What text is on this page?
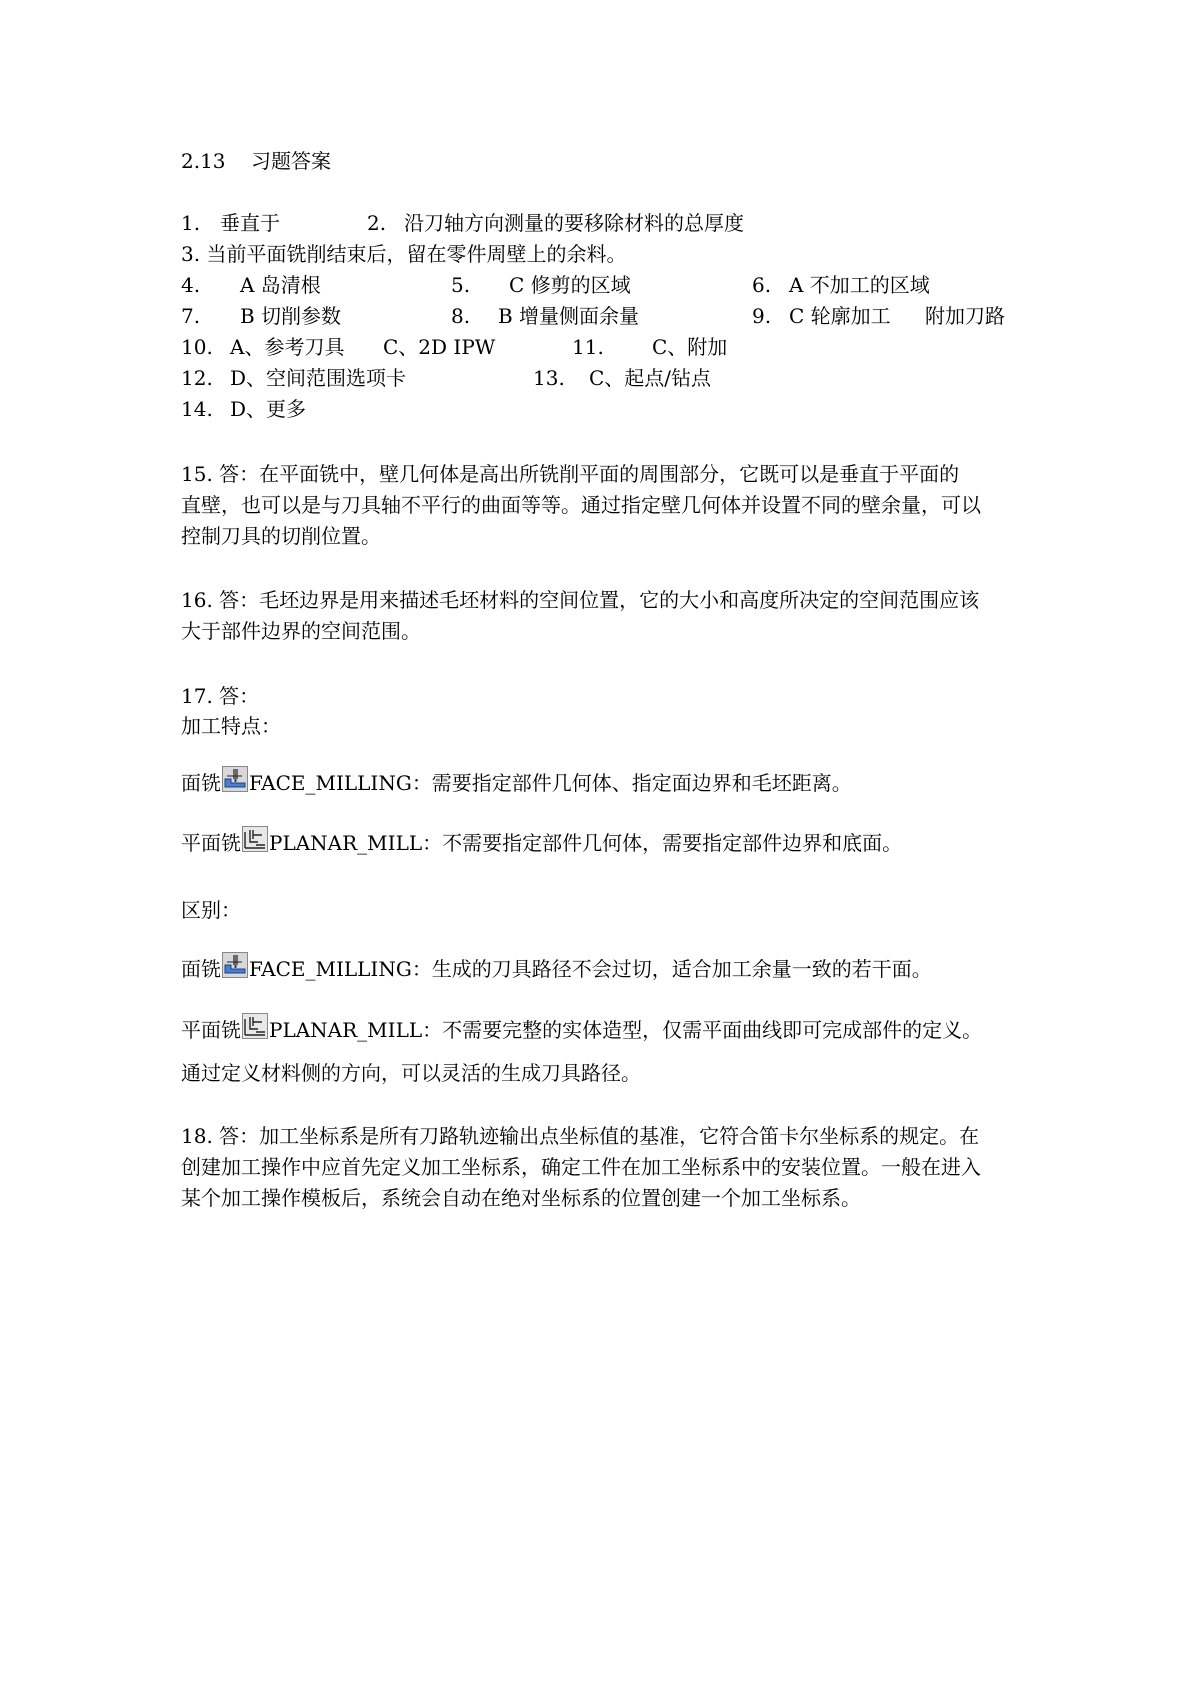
2.13 习题答案
1. 垂直于	2. 沿刀轴方向测量的要移除材料的总厚度
3. 当前平面铣削结束后，留在零件周壁上的余料。
4. A 岛清根	5. C 修剪的区域	6. A 不加工的区域
7. B 切削参数	8. B 增量侧面余量	9. C 轮廓加工 附加刀路
10. A、参考刀具 C、2D IPW	11. C、附加
12. D、空间范围选项卡	13. C、起点/钻点
14. D、更多
15. 答：在平面铣中，壁几何体是高出所铣削平面的周围部分，它既可以是垂直于平面的
直壁，也可以是与刀具轴不平行的曲面等等。通过指定壁几何体并设置不同的壁余量，可以
控制刀具的切削位置。
16. 答：毛坯边界是用来描述毛坯材料的空间位置，它的大小和高度所决定的空间范围应该
大于部件边界的空间范围。
17. 答：
加工特点：
面铣 FACE_MILLING：需要指定部件几何体、指定面边界和毛坯距离。
平面铣 PLANAR_MILL：不需要指定部件几何体，需要指定部件边界和底面。
区别：
面铣 FACE_MILLING：生成的刀具路径不会过切，适合加工余量一致的若干面。
平面铣 PLANAR_MILL：不需要完整的实体造型，仅需平面曲线即可完成部件的定义。
通过定义材料侧的方向，可以灵活的生成刀具路径。
18. 答：加工坐标系是所有刀路轨迹输出点坐标值的基准，它符合笛卡尔坐标系的规定。在
创建加工操作中应首先定义加工坐标系，确定工件在加工坐标系中的安装位置。一般在进入
某个加工操作模板后，系统会自动在绝对坐标系的位置创建一个加工坐标系。
